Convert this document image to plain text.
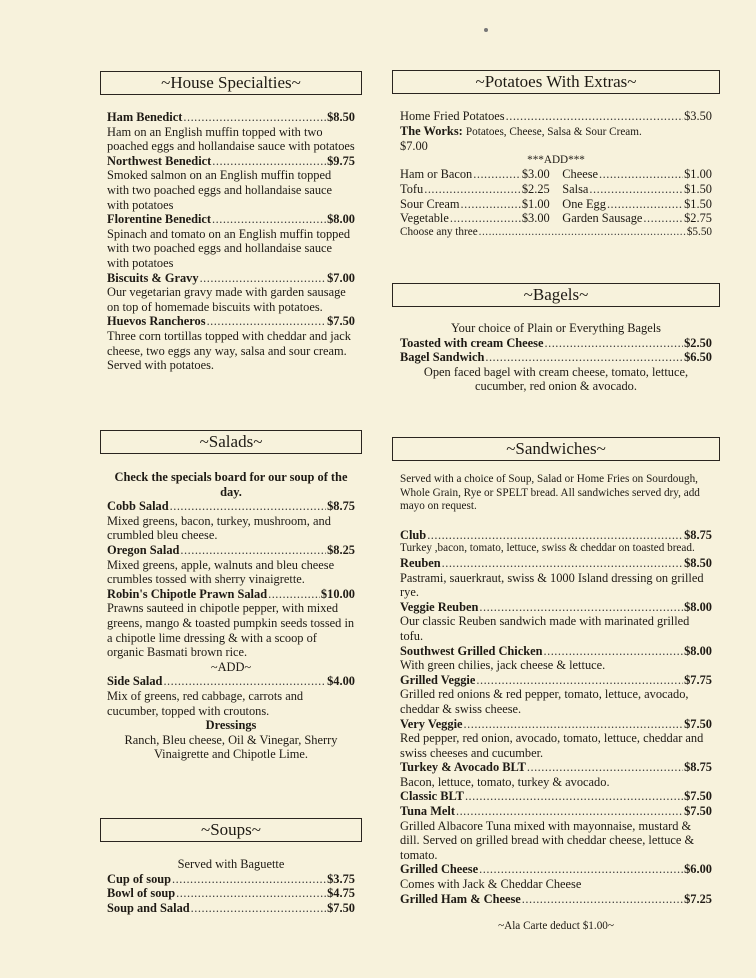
~House Specialties~
Ham Benedict .....	$8.50
Ham on an English muffin topped with two poached eggs and hollandaise sauce with potatoes
Northwest Benedict .....	$9.75
Smoked salmon on an English muffin topped with two poached eggs and hollandaise sauce with potatoes
Florentine Benedict .....	$8.00
Spinach and tomato on an English muffin topped with two poached eggs and hollandaise sauce with potatoes
Biscuits & Gravy .....	$7.00
Our vegetarian gravy made with garden sausage on top of homemade biscuits with potatoes.
Huevos Rancheros .....	$7.50
Three corn tortillas topped with cheddar and jack cheese, two eggs any way, salsa and sour cream. Served with potatoes.
~Salads~
Check the specials board for our soup of the day.
Cobb Salad .....	$8.75
Mixed greens, bacon, turkey, mushroom, and crumbled bleu cheese.
Oregon Salad .....	$8.25
Mixed greens, apple, walnuts and bleu cheese crumbles tossed with sherry vinaigrette.
Robin's Chipotle Prawn Salad .....	$10.00
Prawns sauteed in chipotle pepper, with mixed greens, mango & toasted pumpkin seeds tossed in a chipotle lime dressing & with a scoop of organic Basmati brown rice.
~ADD~
Side Salad .....	$4.00
Mix of greens, red cabbage, carrots and cucumber, topped with croutons.
Dressings
Ranch, Bleu cheese, Oil & Vinegar, Sherry Vinaigrette and Chipotle Lime.
~Soups~
Served with Baguette
Cup of soup .....	$3.75
Bowl of soup .....	$4.75
Soup and Salad .....	$7.50
~Potatoes With Extras~
Home Fried Potatoes .....	$3.50
The Works: Potatoes, Cheese, Salsa & Sour Cream.
$7.00
***ADD***
Ham or Bacon .....	$3.00
Tofu .....	$2.25
Sour Cream .....	$1.00
Vegetable .....	$3.00
Cheese .....	$1.00
Salsa .....	$1.50
One Egg .....	$1.50
Garden Sausage .....	$2.75
Choose any three .....	$5.50
~Bagels~
Your choice of Plain or Everything Bagels
Toasted with cream Cheese .....	$2.50
Bagel Sandwich .....	$6.50
Open faced bagel with cream cheese, tomato, lettuce, cucumber, red onion & avocado.
~Sandwiches~
Served with a choice of Soup, Salad or Home Fries on Sourdough, Whole Grain, Rye or SPELT bread. All sandwiches served dry, add mayo on request.
Club .....	$8.75
Turkey ,bacon, tomato, lettuce, swiss & cheddar on toasted bread.
Reuben .....	$8.50
Pastrami, sauerkraut, swiss & 1000 Island dressing on grilled rye.
Veggie Reuben .....	$8.00
Our classic Reuben sandwich made with marinated grilled tofu.
Southwest Grilled Chicken .....	$8.00
With green chilies, jack cheese & lettuce.
Grilled Veggie .....	$7.75
Grilled red onions & red pepper, tomato, lettuce, avocado, cheddar & swiss cheese.
Very Veggie .....	$7.50
Red pepper, red onion, avocado, tomato, lettuce, cheddar and swiss cheeses and cucumber.
Turkey & Avocado BLT .....	$8.75
Bacon, lettuce, tomato, turkey & avocado.
Classic BLT .....	$7.50
Tuna Melt .....	$7.50
Grilled Albacore Tuna mixed with mayonnaise, mustard & dill. Served on grilled bread with cheddar cheese, lettuce & tomato.
Grilled Cheese .....	$6.00
Comes with Jack & Cheddar Cheese
Grilled Ham & Cheese .....	$7.25
~Ala Carte deduct $1.00~
